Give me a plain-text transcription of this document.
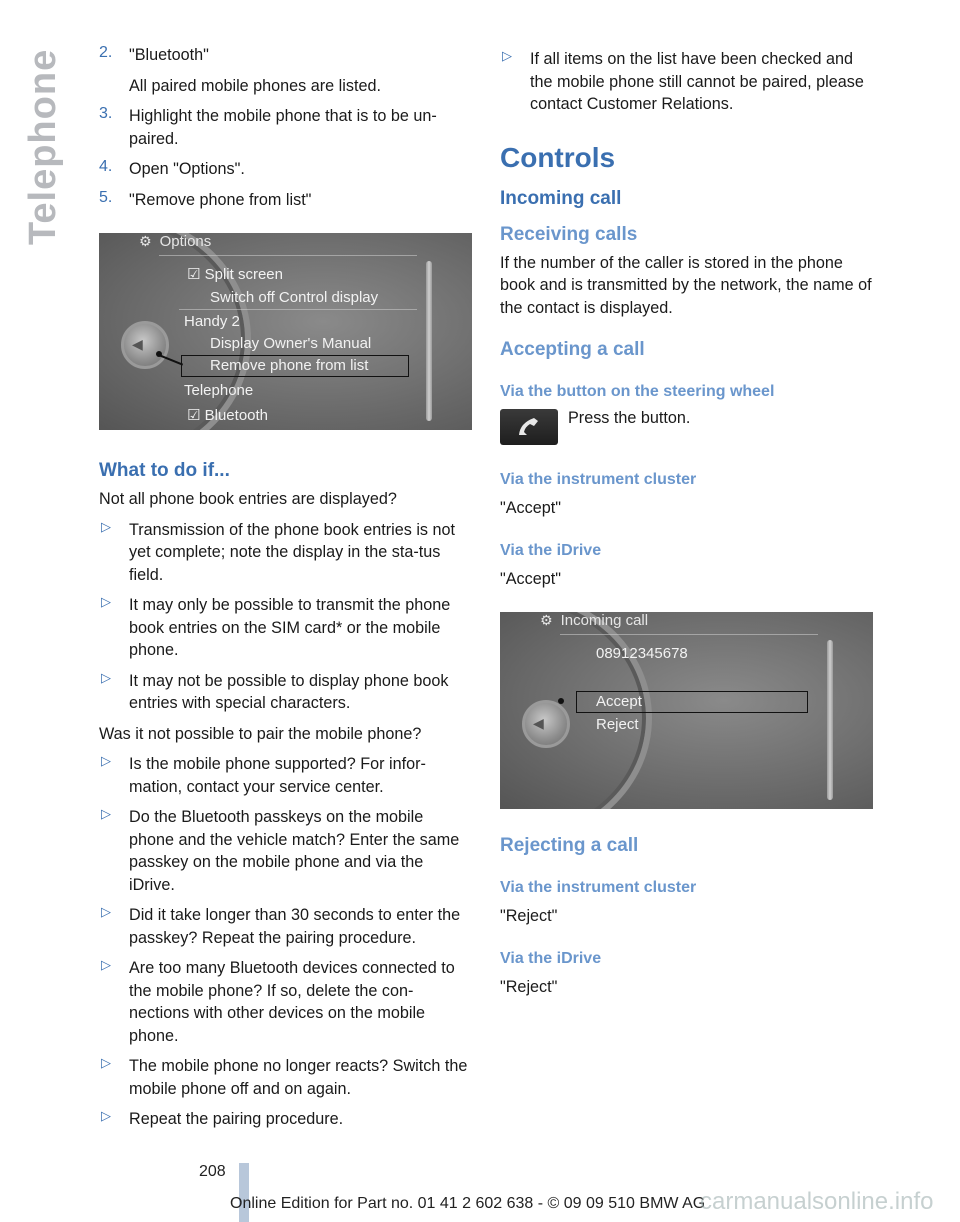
Telephone 2. "Bluetooth"

All paired mobile phones are listed.

3. Highlight the mobile phone that is to be un‐paired.

4. Open "Options".

5. "Remove phone from list"

◀
⚙ Options
☑ Split screen
Switch off Control display
Handy 2
Display Owner's Manual
Remove phone from list
Telephone
☑ Bluetooth
What to do if...

Not all phone book entries are displayed?

▷ Transmission of the phone book entries is not yet complete; note the display in the sta‐tus field.

▷ It may only be possible to transmit the phone book entries on the SIM card* or the mobile phone.

▷ It may not be possible to display phone book entries with special characters.

Was it not possible to pair the mobile phone?

▷ Is the mobile phone supported? For infor‐mation, contact your service center.

▷ Do the Bluetooth passkeys on the mobile phone and the vehicle match? Enter the same passkey on the mobile phone and via the iDrive.

▷ Did it take longer than 30 seconds to enter the passkey? Repeat the pairing procedure.

▷ Are too many Bluetooth devices connected to the mobile phone? If so, delete the con‐nections with other devices on the mobile phone.

▷ The mobile phone no longer reacts? Switch the mobile phone off and on again.

▷ Repeat the pairing procedure.

▷ If all items on the list have been checked and the mobile phone still cannot be paired, please contact Customer Relations.

Controls
Incoming call
Receiving calls

If the number of the caller is stored in the phone book and is transmitted by the network, the name of the contact is displayed.

Accepting a call
Via the button on the steering wheel

Press the button.

Via the instrument cluster

"Accept"

Via the iDrive

"Accept"

◀
⚙ Incoming call
08912345678
Accept
Reject
Rejecting a call
Via the instrument cluster

"Reject"

Via the iDrive

"Reject"

208
Online Edition for Part no. 01 41 2 602 638 - © 09 09 510 BMW AG
carmanualsonline.info
